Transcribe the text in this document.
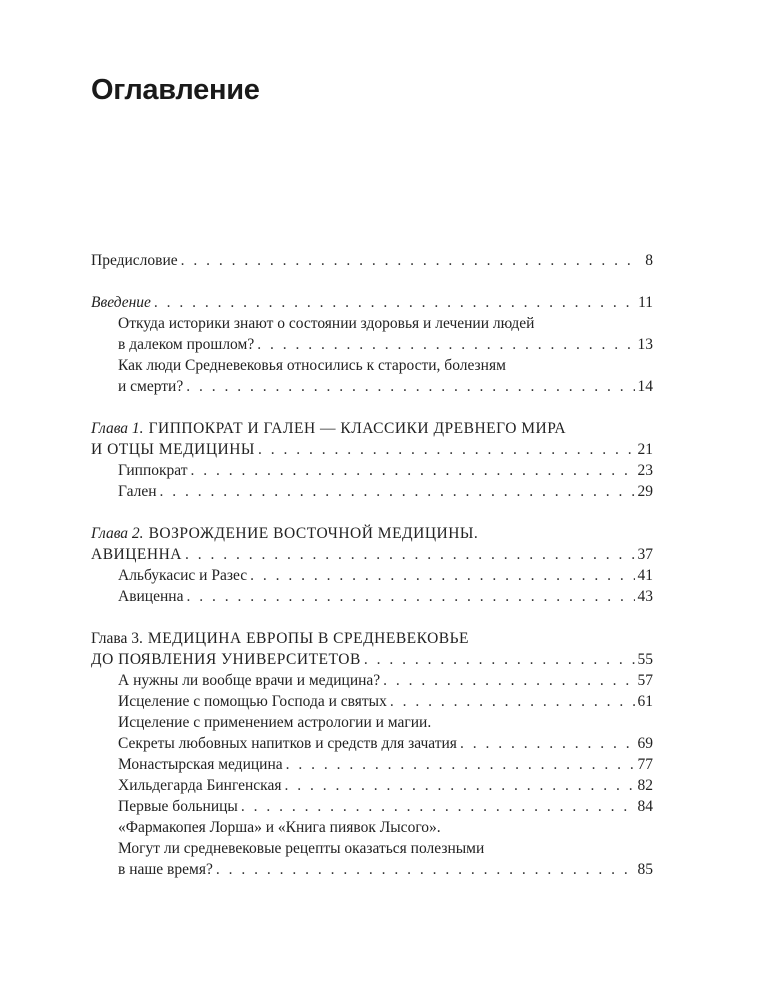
Оглавление
Предисловие . . .	8
Введение . . .	11
Откуда историки знают о состоянии здоровья и лечении людей
в далеком прошлом? . . .	13
Как люди Средневековья относились к старости, болезням
и смерти? . . .	14
Глава 1. ГИППОКРАТ И ГАЛЕН — КЛАССИКИ ДРЕВНЕГО МИРА
И ОТЦЫ МЕДИЦИНЫ . . .	21
Гиппократ . . .	23
Гален . . .	29
Глава 2. ВОЗРОЖДЕНИЕ ВОСТОЧНОЙ МЕДИЦИНЫ.
АВИЦЕННА . . .	37
Альбукасис и Разес . . .	41
Авиценна . . .	43
Глава 3. МЕДИЦИНА ЕВРОПЫ В СРЕДНЕВЕКОВЬЕ
ДО ПОЯВЛЕНИЯ УНИВЕРСИТЕТОВ . . .	55
А нужны ли вообще врачи и медицина? . . .	57
Исцеление с помощью Господа и святых . . .	61
Исцеление с применением астрологии и магии.
Секреты любовных напитков и средств для зачатия . . .	69
Монастырская медицина . . .	77
Хильдегарда Бингенская . . .	82
Первые больницы . . .	84
«Фармакопея Лорша» и «Книга пиявок Лысого».
Могут ли средневековые рецепты оказаться полезными
в наше время? . . .	85
